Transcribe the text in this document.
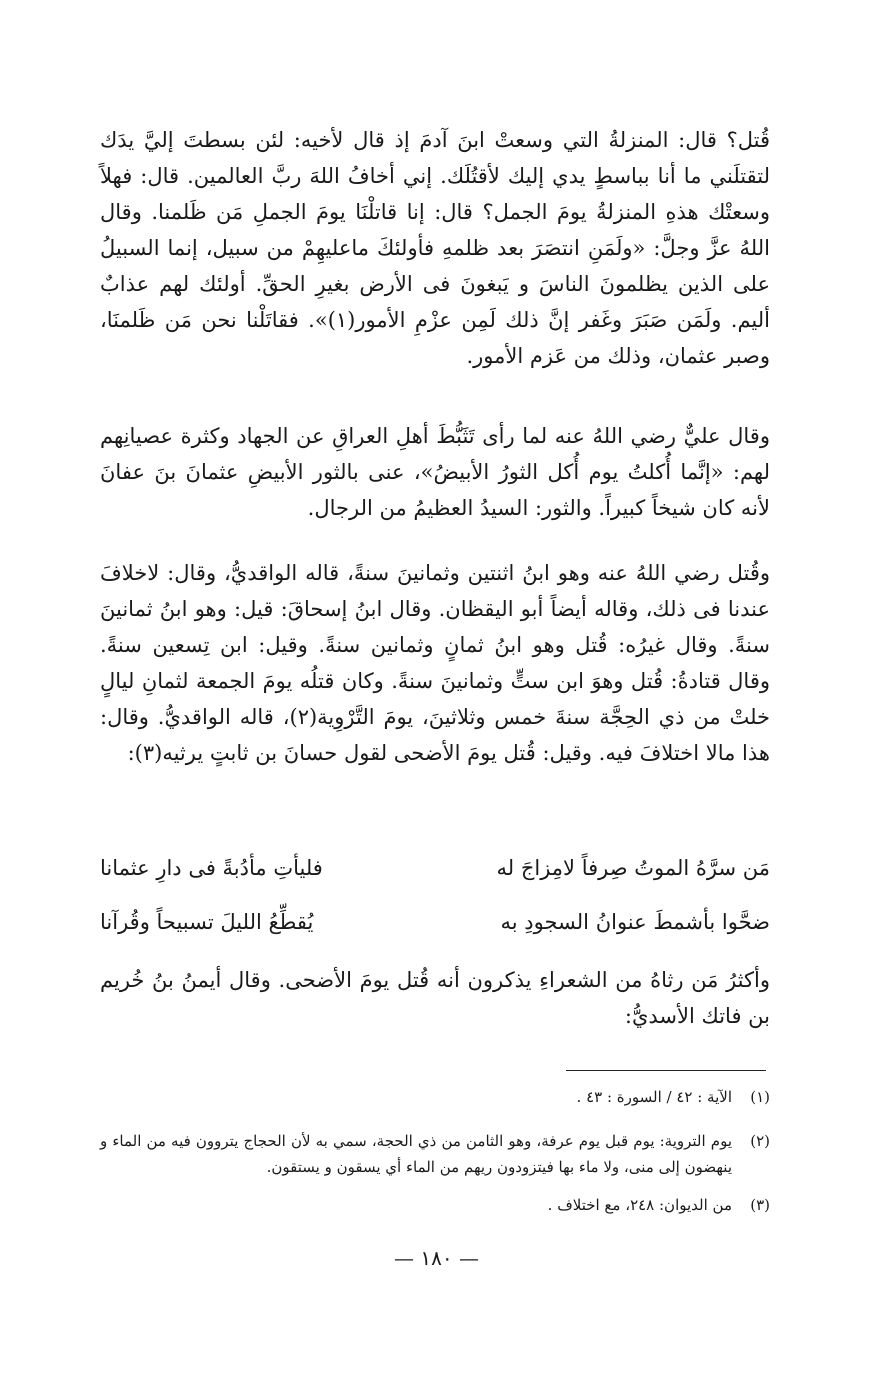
قُتل؟ قال: المنزلةُ التي وسعتْ ابنَ آدمَ إذ قال لأخيه: لئن بسطتَ إليَّ يدَك لتقتلَني ما أنا بباسطٍ يدي إليك لأقتُلَك. إني أخافُ اللهَ ربَّ العالمين. قال: فهلاً وسعتْك هذهِ المنزلةُ يومَ الجمل؟ قال: إنا قاتلْنَا يومَ الجملِ مَن ظَلمنا. وقال اللهُ عزَّ وجلَّ: «ولَمَنِ انتصَرَ بعد ظلمهِ فأولئكَ ماعليهِمْ من سبيل، إنما السبيلُ على الذين يظلمونَ الناسَ و يَبغونَ فى الأرض بغيرِ الحقِّ. أولئك لهم عذابٌ أليم. ولَمَن صَبَرَ وغَفر إنَّ ذلك لَمِن عزْمِ الأمور(١)». فقاتَلْنا نحن مَن ظَلمنَا، وصبر عثمان، وذلك من عَزم الأمور.

وقال عليٌّ رضي اللهُ عنه لما رأى تَثَبُّطَ أهلِ العراقِ عن الجهاد وكثرة عصيانِهم لهم: «إنَّما أُكلتُ يوم أُكل الثورُ الأبيضُ»، عنى بالثور الأبيضِ عثمانَ بنَ عفانَ لأنه كان شيخاً كبيراً. والثور: السيدُ العظيمُ من الرجال.

وقُتل رضي اللهُ عنه وهو ابنُ اثنتين وثمانينَ سنةً، قاله الواقديُّ، وقال: لاخلافَ عندنا فى ذلك، وقاله أيضاً أبو اليقظان. وقال ابنُ إسحاقَ: قيل: وهو ابنُ ثمانينَ سنةً. وقال غيرُه: قُتل وهو ابنُ ثمانٍ وثمانين سنةً. وقيل: ابن تِسعين سنةً. وقال قتادةُ: قُتل وهوَ ابن ستٍّ وثمانينَ سنةً. وكان قتلُه يومَ الجمعة لثمانِ ليالٍ خلتْ من ذي الحِجَّة سنةَ خمس وثلاثينَ، يومَ التَّرْوِية(٢)، قاله الواقديُّ. وقال: هذا مالا اختلافَ فيه. وقيل: قُتل يومَ الأضحى لقول حسانَ بن ثابتٍ يرثيه(٣):

مَن سرَّهُ الموتُ صِرفاً لامِزاجَ له
فليأتِ مأدُبةً فى دارِ عثمانا
ضحَّوا بأشمطَ عنوانُ السجودِ به
يُقطِّعُ الليلَ تسبيحاً وقُرآنا

وأكثرُ مَن رثاهُ من الشعراءِ يذكرون أنه قُتل يومَ الأضحى. وقال أيمنُ بنُ خُريم بن فاتك الأسديُّ:

(١)
الآية : ٤٢ / السورة : ٤٣ .
(٢)
يوم التروية: يوم قبل يوم عرفة، وهو الثامن من ذي الحجة، سمي به لأن الحجاج يتروون فيه من الماء و ينهضون إلى منى، ولا ماء بها فيتزودون ريهم من الماء أي يسقون و يستقون.
(٣)
من الديوان: ٢٤٨، مع اختلاف .
— ١٨٠ —
